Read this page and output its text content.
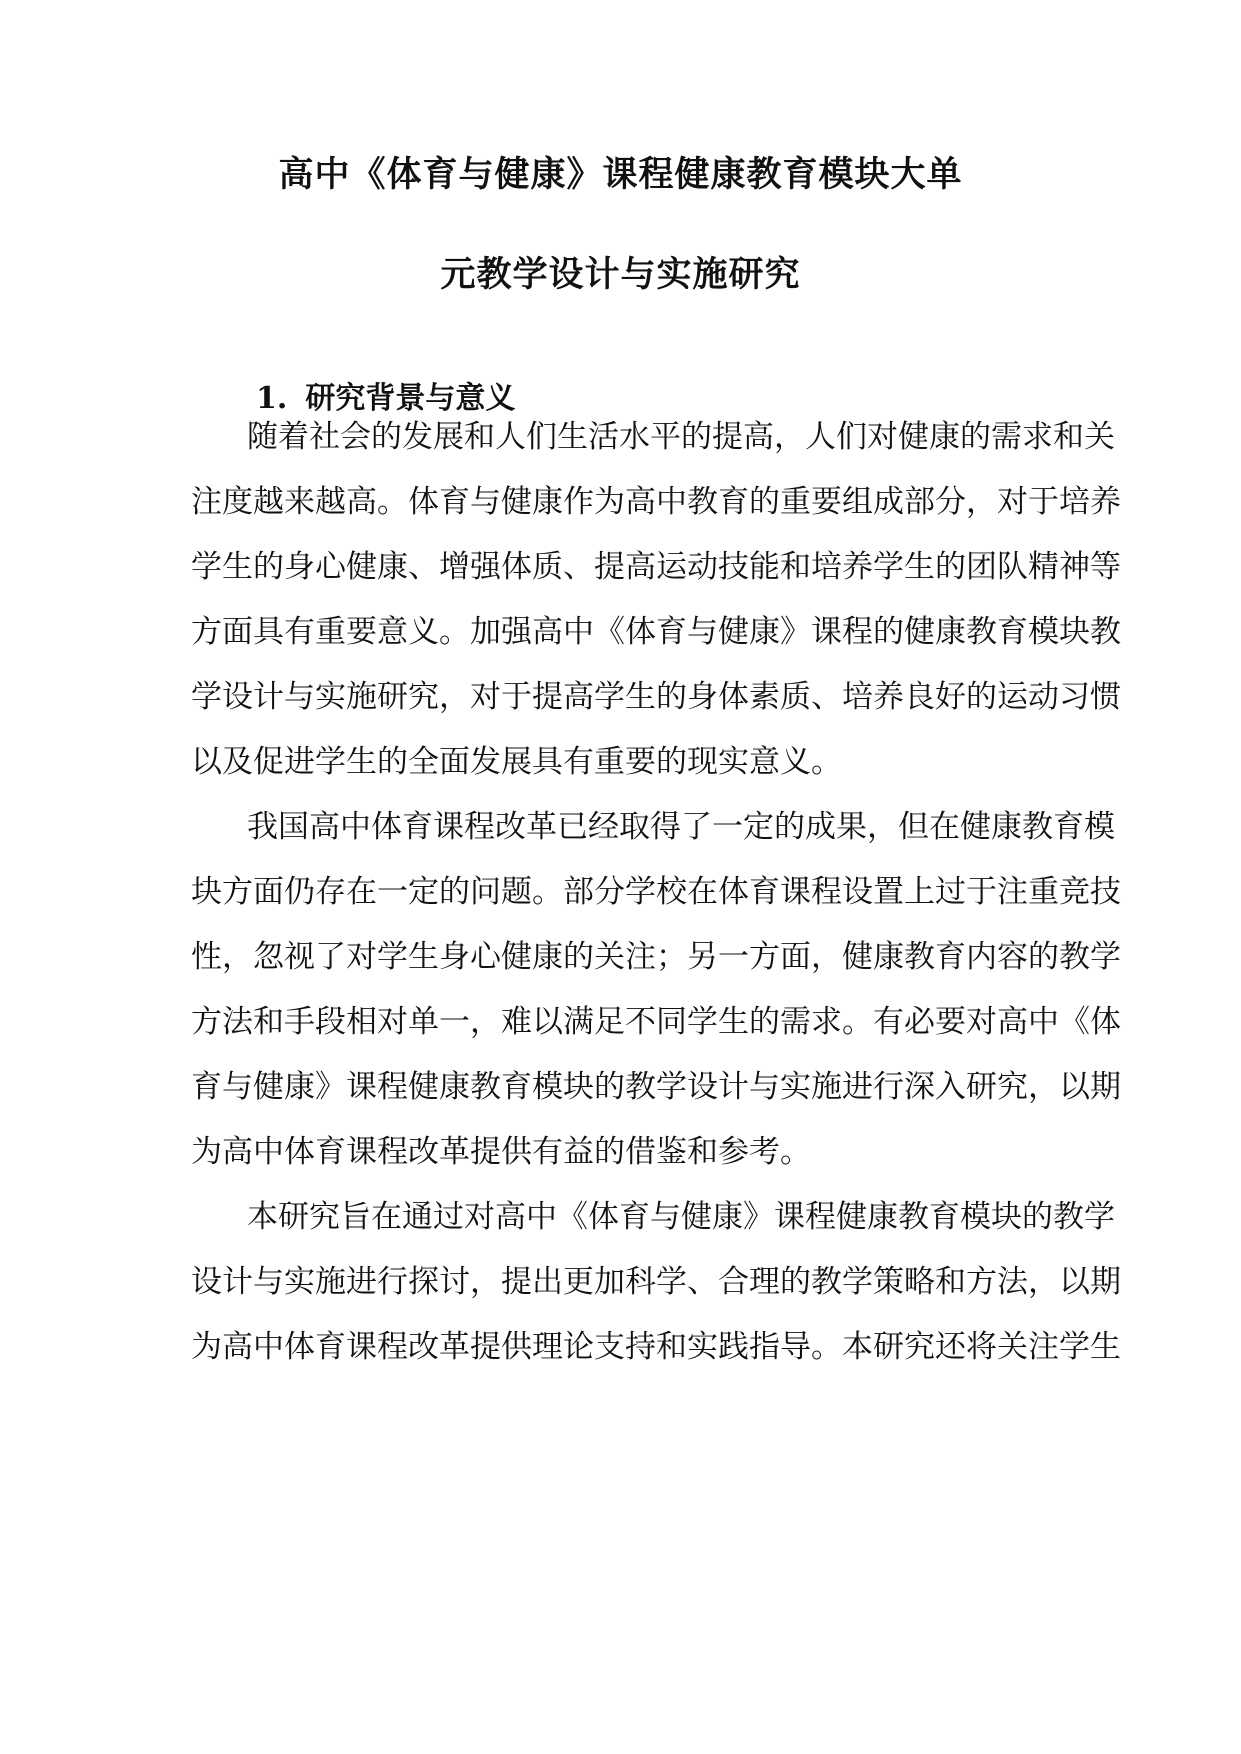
高中《体育与健康》课程健康教育模块大单
元教学设计与实施研究
1. 研究背景与意义
随着社会的发展和人们生活水平的提高，人们对健康的需求和关
注度越来越高。体育与健康作为高中教育的重要组成部分，对于培养
学生的身心健康、增强体质、提高运动技能和培养学生的团队精神等
方面具有重要意义。加强高中《体育与健康》课程的健康教育模块教
学设计与实施研究，对于提高学生的身体素质、培养良好的运动习惯
以及促进学生的全面发展具有重要的现实意义。
我国高中体育课程改革已经取得了一定的成果，但在健康教育模
块方面仍存在一定的问题。部分学校在体育课程设置上过于注重竞技
性，忽视了对学生身心健康的关注；另一方面，健康教育内容的教学
方法和手段相对单一，难以满足不同学生的需求。有必要对高中《体
育与健康》课程健康教育模块的教学设计与实施进行深入研究，以期
为高中体育课程改革提供有益的借鉴和参考。
本研究旨在通过对高中《体育与健康》课程健康教育模块的教学
设计与实施进行探讨，提出更加科学、合理的教学策略和方法，以期
为高中体育课程改革提供理论支持和实践指导。本研究还将关注学生
